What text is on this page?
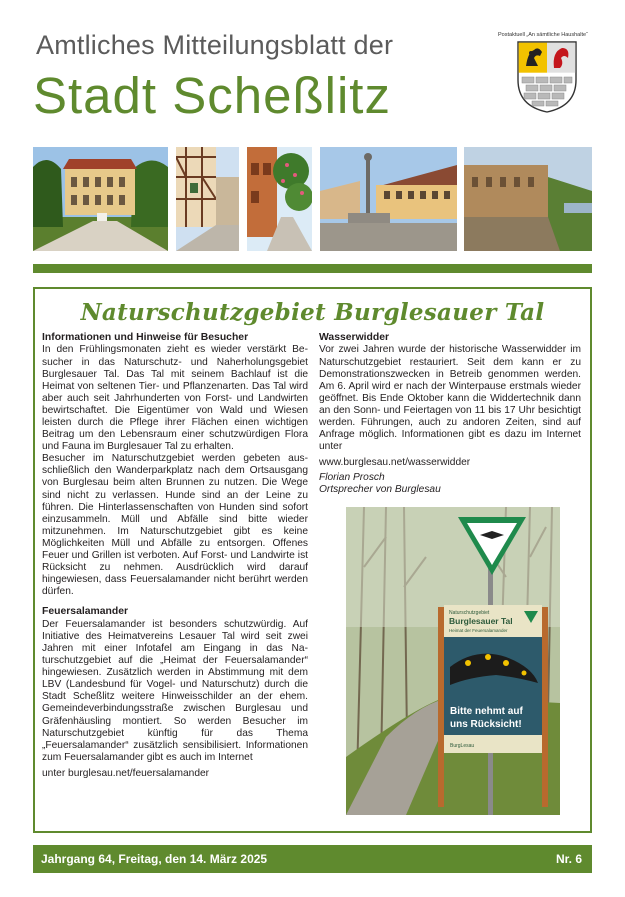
Amtliches Mitteilungsblatt der
Stadt Scheßlitz
Postaktuell „An sämtliche Haushalte“
Naturschutzgebiet Burglesauer Tal
Informationen und Hinweise für Besucher

In den Frühlingsmonaten zieht es wieder verstärkt Besucher in das Naturschutz- und Naherholungsgebiet Burglesauer Tal. Das Tal mit seinem Bachlauf ist die Heimat von seltenen Tier- und Pflanzenarten. Das Tal wird aber auch seit Jahrhunderten von Forst- und Landwirten bewirtschaftet. Die Eigentümer von Wald und Wiesen leisten durch die Pflege ihrer Flächen einen wichtigen Beitrag um den Lebensraum einer schutzwürdigen Flora und Fauna im Burglesauer Tal zu erhalten.

Besucher im Naturschutzgebiet werden gebeten ausschließlich den Wanderparkplatz nach dem Ortsausgang von Burglesau beim alten Brunnen zu nutzen. Die Wege sind nicht zu verlassen. Hunde sind an der Leine zu führen. Die Hinterlassenschaften von Hunden sind sofort einzusammeln. Müll und Abfälle sind bitte wieder mitzunehmen. Im Naturschutzgebiet gibt es keine Möglichkeiten Müll und Abfälle zu entsorgen. Offenes Feuer und Grillen ist verboten. Auf Forst- und Landwirte ist Rücksicht zu nehmen. Ausdrücklich wird darauf hingewiesen, dass Feuersalamander nicht berührt werden dürfen.

Feuersalamander

Der Feuersalamander ist besonders schutzwürdig. Auf Initiative des Heimatvereins Lesauer Tal wird seit zwei Jahren mit einer Infotafel am Eingang in das Naturschutzgebiet auf die „Heimat der Feuersalamander“ hingewiesen. Zusätzlich werden in Abstimmung mit dem LBV (Landesbund für Vogel- und Naturschutz) durch die Stadt Scheßlitz weitere Hinweisschilder an der ehem. Gemeindeverbindungsstraße zwischen Burglesau und Gräfenhäusling montiert. So werden Besucher im Naturschutzgebiet künftig für das Thema „Feuersalamander“ zusätzlich sensibilisiert. Informationen zum Feuersalamander gibt es auch im Internet

unter burglesau.net/feuersalamander
Wasserwidder

Vor zwei Jahren wurde der historische Wasserwidder im Naturschutzgebiet restauriert. Seit dem kann er zu Demonstrationszwecken in Betreib genommen werden. Am 6. April wird er nach der Winterpause erstmals wieder geöffnet. Bis Ende Oktober kann die Widdertechnik dann an den Sonn- und Feiertagen von 11 bis 17 Uhr besichtigt werden. Führungen, auch zu andoren Zeiten, sind auf Anfrage möglich. Informationen gibt es dazu im Internet unter

www.burglesau.net/wasserwidder
Florian Prosch
Ortsprecher von Burglesau
Naturschutzgebiet
Burglesauer Tal
Heimat der Feuersalamander
Bitte nehmt auf
uns Rücksicht!
BurgLesau
Jahrgang 64, Freitag, den 14. März 2025	Nr. 6
